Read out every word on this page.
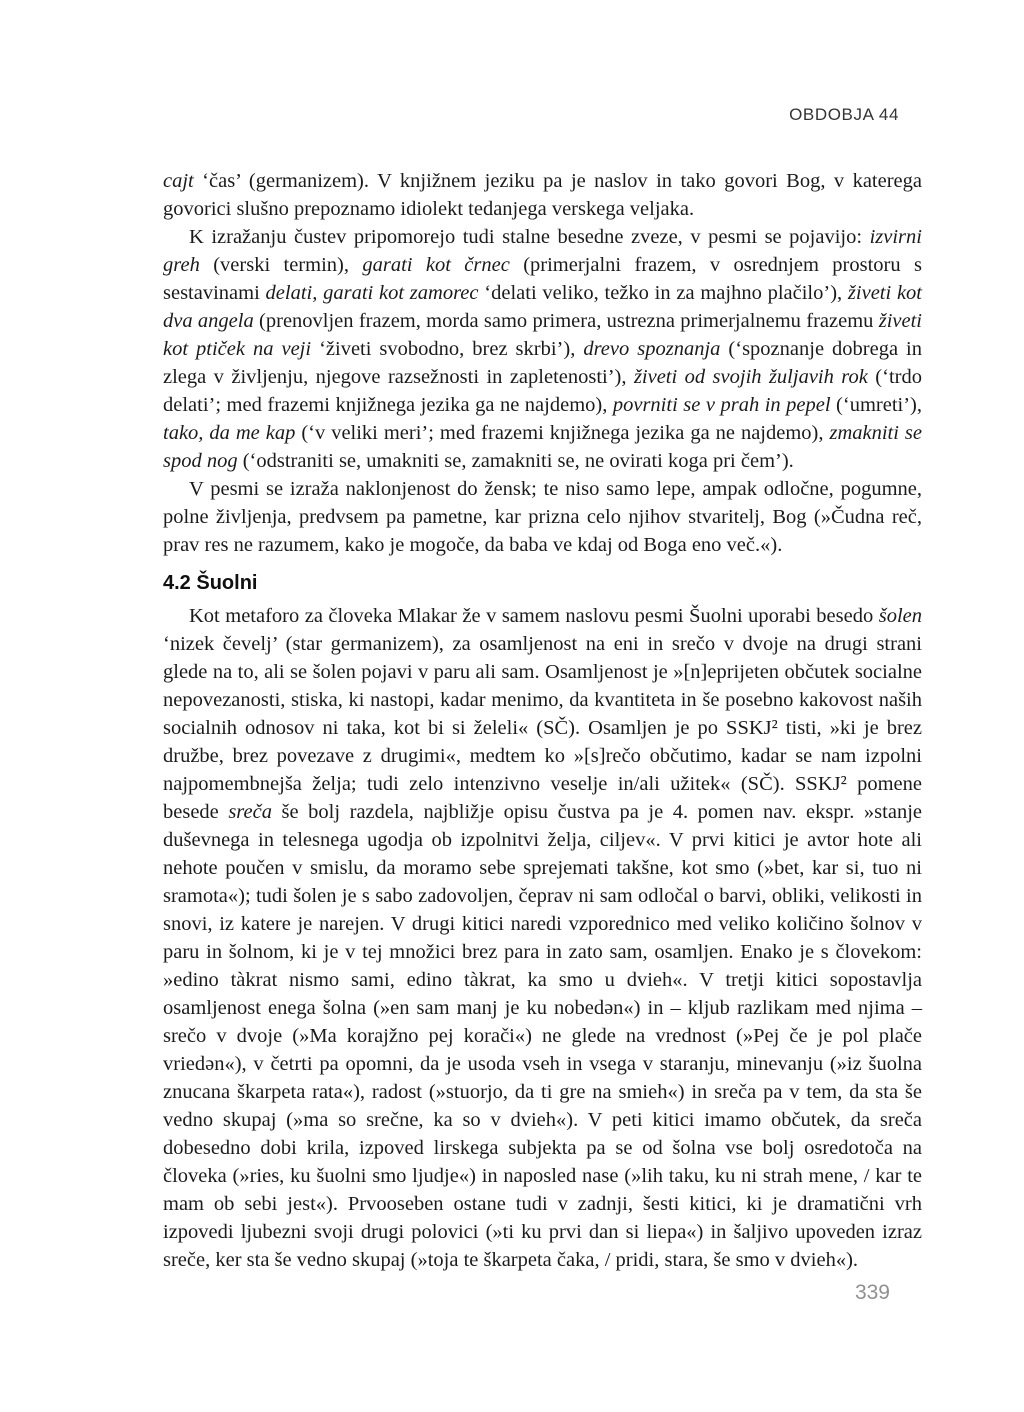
OBDOBJA 44

cajt ʻčas’ (germanizem). V knjižnem jeziku pa je naslov in tako govori Bog, v katerega govorici slušno prepoznamo idiolekt tedanjega verskega veljaka.

K izražanju čustev pripomorejo tudi stalne besedne zveze, v pesmi se pojavijo: izvirni greh (verski termin), garati kot črnec (primerjalni frazem, v osrednjem prostoru s sestavinami delati, garati kot zamorec ʻdelati veliko, težko in za majhno plačilo’), živeti kot dva angela (prenovljen frazem, morda samo primera, ustrezna primerjalnemu frazemu živeti kot ptiček na veji ʻživeti svobodno, brez skrbi’), drevo spoznanja (ʻspoznanje dobrega in zlega v življenju, njegove razsežnosti in zapletenosti’), živeti od svojih žuljavih rok (ʻtrdo delati’; med frazemi knjižnega jezika ga ne najdemo), povrniti se v prah in pepel (ʻumreti’), tako, da me kap (ʻv veliki meri’; med frazemi knjižnega jezika ga ne najdemo), zmakniti se spod nog (ʻodstraniti se, umakniti se, zamakniti se, ne ovirati koga pri čem’).

V pesmi se izraža naklonjenost do žensk; te niso samo lepe, ampak odločne, pogumne, polne življenja, predvsem pa pametne, kar prizna celo njihov stvaritelj, Bog (»Čudna reč, prav res ne razumem, kako je mogoče, da baba ve kdaj od Boga eno več.«).

4.2 Šuolni

Kot metaforo za človeka Mlakar že v samem naslovu pesmi Šuolni uporabi besedo šolen ʻnizek čevelj’ (star germanizem), za osamljenost na eni in srečo v dvoje na drugi strani glede na to, ali se šolen pojavi v paru ali sam. Osamljenost je »[n]eprijeten občutek socialne nepovezanosti, stiska, ki nastopi, kadar menimo, da kvantiteta in še posebno kakovost naših socialnih odnosov ni taka, kot bi si želeli« (SČ). Osamljen je po SSKJ² tisti, »ki je brez družbe, brez povezave z drugimi«, medtem ko »[s]rečo občutimo, kadar se nam izpolni najpomembnejša želja; tudi zelo intenzivno veselje in/ali užitek« (SČ). SSKJ² pomene besede sreča še bolj razdela, najbližje opisu čustva pa je 4. pomen nav. ekspr. »stanje duševnega in telesnega ugodja ob izpolnitvi želja, ciljev«. V prvi kitici je avtor hote ali nehote poučen v smislu, da moramo sebe sprejemati takšne, kot smo (»bet, kar si, tuo ni sramota«); tudi šolen je s sabo zadovoljen, čeprav ni sam odločal o barvi, obliki, velikosti in snovi, iz katere je narejen. V drugi kitici naredi vzporednico med veliko količino šolnov v paru in šolnom, ki je v tej množici brez para in zato sam, osamljen. Enako je s človekom: »edino tàkrat nismo sami, edino tàkrat, ka smo u dvieh«. V tretji kitici sopostavlja osamljenost enega šolna (»en sam manj je ku nobedən«) in – kljub razlikam med njima – srečo v dvoje (»Ma korajžno pej korači«) ne glede na vrednost (»Pej če je pol plače vriedən«), v četrti pa opomni, da je usoda vseh in vsega v staranju, minevanju (»iz šuolna znucana škarpeta rata«), radost (»stuorjo, da ti gre na smieh«) in sreča pa v tem, da sta še vedno skupaj (»ma so srečne, ka so v dvieh«). V peti kitici imamo občutek, da sreča dobesedno dobi krila, izpoved lirskega subjekta pa se od šolna vse bolj osredotoča na človeka (»ries, ku šuolni smo ljudje«) in naposled nase (»lih taku, ku ni strah mene, / kar te mam ob sebi jest«). Prvooseben ostane tudi v zadnji, šesti kitici, ki je dramatični vrh izpovedi ljubezni svoji drugi polovici (»ti ku prvi dan si liepa«) in šaljivo upoveden izraz sreče, ker sta še vedno skupaj (»toja te škarpeta čaka, / pridi, stara, še smo v dvieh«).

339
